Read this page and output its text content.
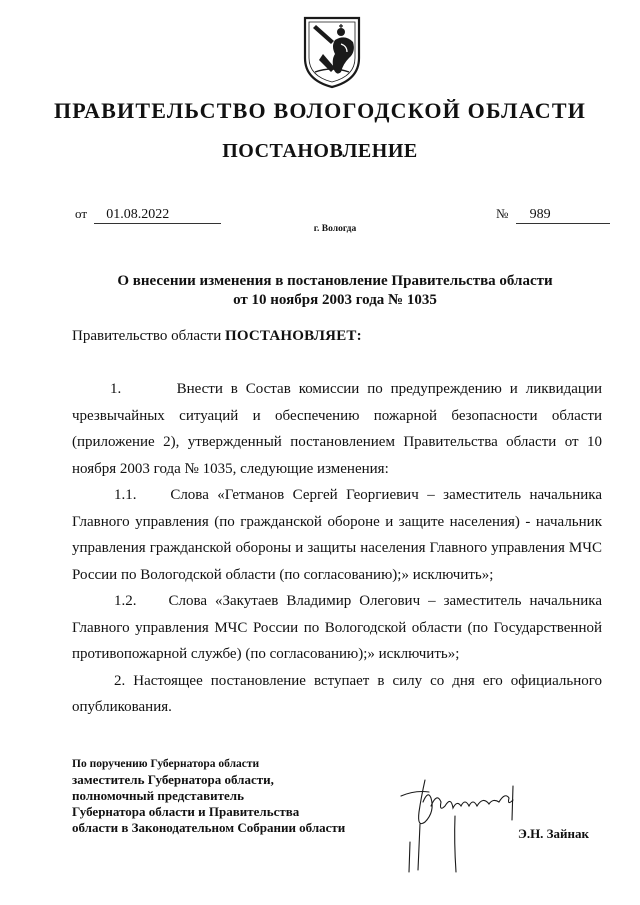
ПРАВИТЕЛЬСТВО ВОЛОГОДСКОЙ ОБЛАСТИ
ПОСТАНОВЛЕНИЕ
от 01.08.2022	№ 989
г. Вологда
О внесении изменения в постановление Правительства области
от 10 ноября 2003 года № 1035
Правительство области ПОСТАНОВЛЯЕТ:

1.	Внести в Состав комиссии по предупреждению и ликвидации чрезвычайных ситуаций и обеспечению пожарной безопасности области (приложение 2), утвержденный постановлением Правительства области от 10 ноября 2003 года № 1035, следующие изменения:

1.1. Слова «Гетманов Сергей Георгиевич – заместитель начальника Главного управления (по гражданской обороне и защите населения) - начальник управления гражданской обороны и защиты населения Главного управления МЧС России по Вологодской области (по согласованию);» исключить»;

1.2. Слова «Закутаев Владимир Олегович – заместитель начальника Главного управления МЧС России по Вологодской области (по Государственной противопожарной службе) (по согласованию);» исключить»;

2. Настоящее постановление вступает в силу со дня его официального опубликования.

По поручению Губернатора области
заместитель Губернатора области,
полномочный представитель
Губернатора области и Правительства
области в Законодательном Собрании области	Э.Н. Зайнак
